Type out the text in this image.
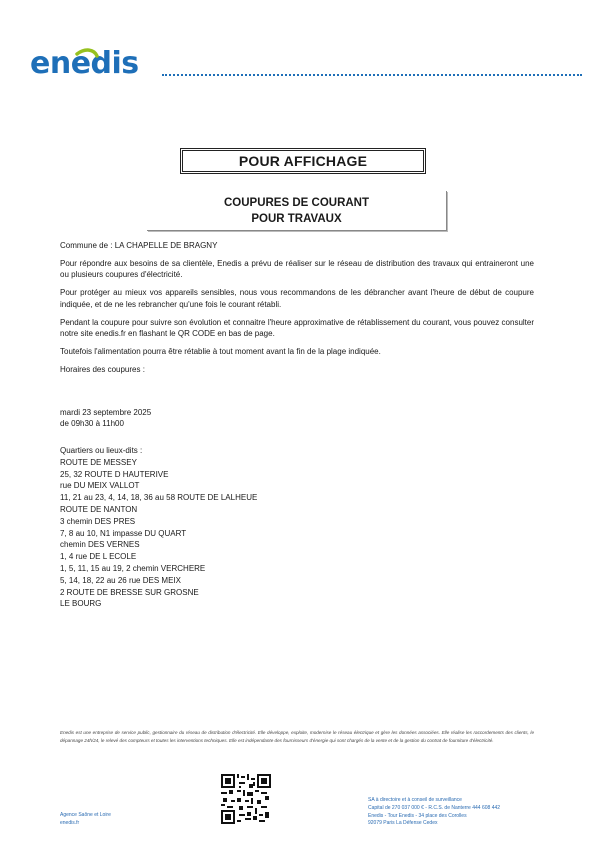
enedis
POUR AFFICHAGE
COUPURES DE COURANT
POUR TRAVAUX

Commune de : LA CHAPELLE DE BRAGNY

Pour répondre aux besoins de sa clientèle, Enedis a prévu de réaliser sur le réseau de distribution des travaux qui entraineront une ou plusieurs coupures d'électricité.

Pour protéger au mieux vos appareils sensibles, nous vous recommandons de les débrancher avant l'heure de début de coupure indiquée, et de ne les rebrancher qu'une fois le courant rétabli.

Pendant la coupure pour suivre son évolution et connaitre l'heure approximative de rétablissement du courant, vous pouvez consulter notre site enedis.fr en flashant le QR CODE en bas de page.

Toutefois l'alimentation pourra être rétablie à tout moment avant la fin de la plage indiquée.

Horaires des coupures :

mardi 23 septembre 2025
de 09h30 à 11h00
Quartiers ou lieux-dits :
ROUTE DE MESSEY
25, 32 ROUTE D HAUTERIVE
rue DU MEIX VALLOT
11, 21 au 23, 4, 14, 18, 36 au 58 ROUTE DE LALHEUE
ROUTE DE NANTON
3 chemin DES PRES
7, 8 au 10, N1 impasse DU QUART
chemin DES VERNES
1, 4 rue DE L ECOLE
1, 5, 11, 15 au 19, 2 chemin VERCHERE
5, 14, 18, 22 au 26 rue DES MEIX
2 ROUTE DE BRESSE SUR GROSNE
LE BOURG
Enedis est une entreprise de service public, gestionnaire du réseau de distribution d'électricité. Elle développe, exploite, modernise le réseau électrique et gère les données associées. Elle réalise les raccordements des clients, le dépannage 24h/24, le relevé des compteurs et toutes les interventions techniques. Elle est indépendante des fournisseurs d'énergie qui sont chargés de la vente et de la gestion du contrat de fourniture d'électricité.
Agence Saône et Loire
enedis.fr
SA à directoire et à conseil de surveillance
Capital de 270 037 000 € - R.C.S. de Nanterre 444 608 442
Enedis - Tour Enedis - 34 place des Corolles
92079 Paris La Défense Cedex
